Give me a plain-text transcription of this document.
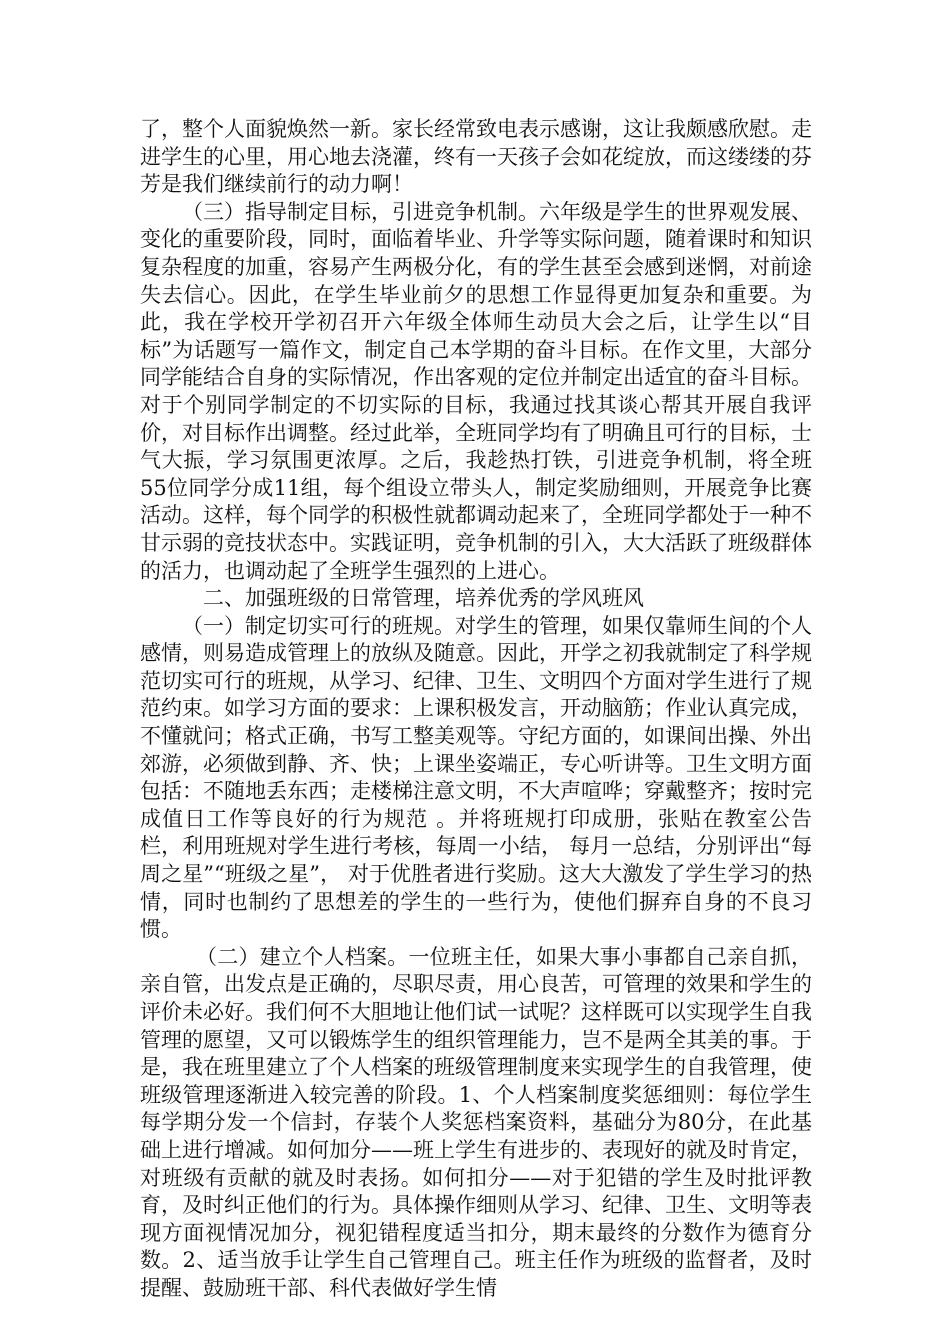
了，整个人面貌焕然一新。家长经常致电表示感谢，这让我颇感欣慰。走进学生的心里，用心地去浇灌，终有一天孩子会如花绽放，而这缕缕的芬芳是我们继续前行的动力啊！

（三）指导制定目标，引进竞争机制。六年级是学生的世界观发展、变化的重要阶段，同时，面临着毕业、升学等实际问题，随着课时和知识复杂程度的加重，容易产生两极分化，有的学生甚至会感到迷惘，对前途失去信心。因此，在学生毕业前夕的思想工作显得更加复杂和重要。为此，我在学校开学初召开六年级全体师生动员大会之后，让学生以“目标”为话题写一篇作文，制定自己本学期的奋斗目标。在作文里，大部分同学能结合自身的实际情况，作出客观的定位并制定出适宜的奋斗目标。对于个别同学制定的不切实际的目标，我通过找其谈心帮其开展自我评价，对目标作出调整。经过此举，全班同学均有了明确且可行的目标，士气大振，学习氛围更浓厚。之后，我趁热打铁，引进竞争机制，将全班55位同学分成11组，每个组设立带头人，制定奖励细则，开展竞争比赛活动。这样，每个同学的积极性就都调动起来了，全班同学都处于一种不甘示弱的竞技状态中。实践证明，竞争机制的引入，大大活跃了班级群体的活力，也调动起了全班学生强烈的上进心。

二、加强班级的日常管理，培养优秀的学风班风

（一）制定切实可行的班规。对学生的管理，如果仅靠师生间的个人感情，则易造成管理上的放纵及随意。因此，开学之初我就制定了科学规范切实可行的班规，从学习、纪律、卫生、文明四个方面对学生进行了规范约束。如学习方面的要求：上课积极发言，开动脑筋；作业认真完成，不懂就问；格式正确，书写工整美观等。守纪方面的，如课间出操、外出郊游，必须做到静、齐、快；上课坐姿端正，专心听讲等。卫生文明方面包括：不随地丢东西；走楼梯注意文明，不大声喧哗；穿戴整齐；按时完成值日工作等良好的行为规范 。并将班规打印成册，张贴在教室公告栏，利用班规对学生进行考核，每周一小结， 每月一总结，分别评出“每周之星”“班级之星”， 对于优胜者进行奖励。这大大激发了学生学习的热情，同时也制约了思想差的学生的一些行为，使他们摒弃自身的不良习惯。

（二）建立个人档案。一位班主任，如果大事小事都自己亲自抓，亲自管，出发点是正确的，尽职尽责，用心良苦，可管理的效果和学生的评价未必好。我们何不大胆地让他们试一试呢？这样既可以实现学生自我管理的愿望，又可以锻炼学生的组织管理能力，岂不是两全其美的事。于是，我在班里建立了个人档案的班级管理制度来实现学生的自我管理，使班级管理逐渐进入较完善的阶段。1、个人档案制度奖惩细则：每位学生每学期分发一个信封，存装个人奖惩档案资料，基础分为80分，在此基础上进行增减。如何加分——班上学生有进步的、表现好的就及时肯定，对班级有贡献的就及时表扬。如何扣分——对于犯错的学生及时批评教育，及时纠正他们的行为。具体操作细则从学习、纪律、卫生、文明等表现方面视情况加分，视犯错程度适当扣分，期末最终的分数作为德育分数。2、适当放手让学生自己管理自己。班主任作为班级的监督者，及时提醒、鼓励班干部、科代表做好学生情
